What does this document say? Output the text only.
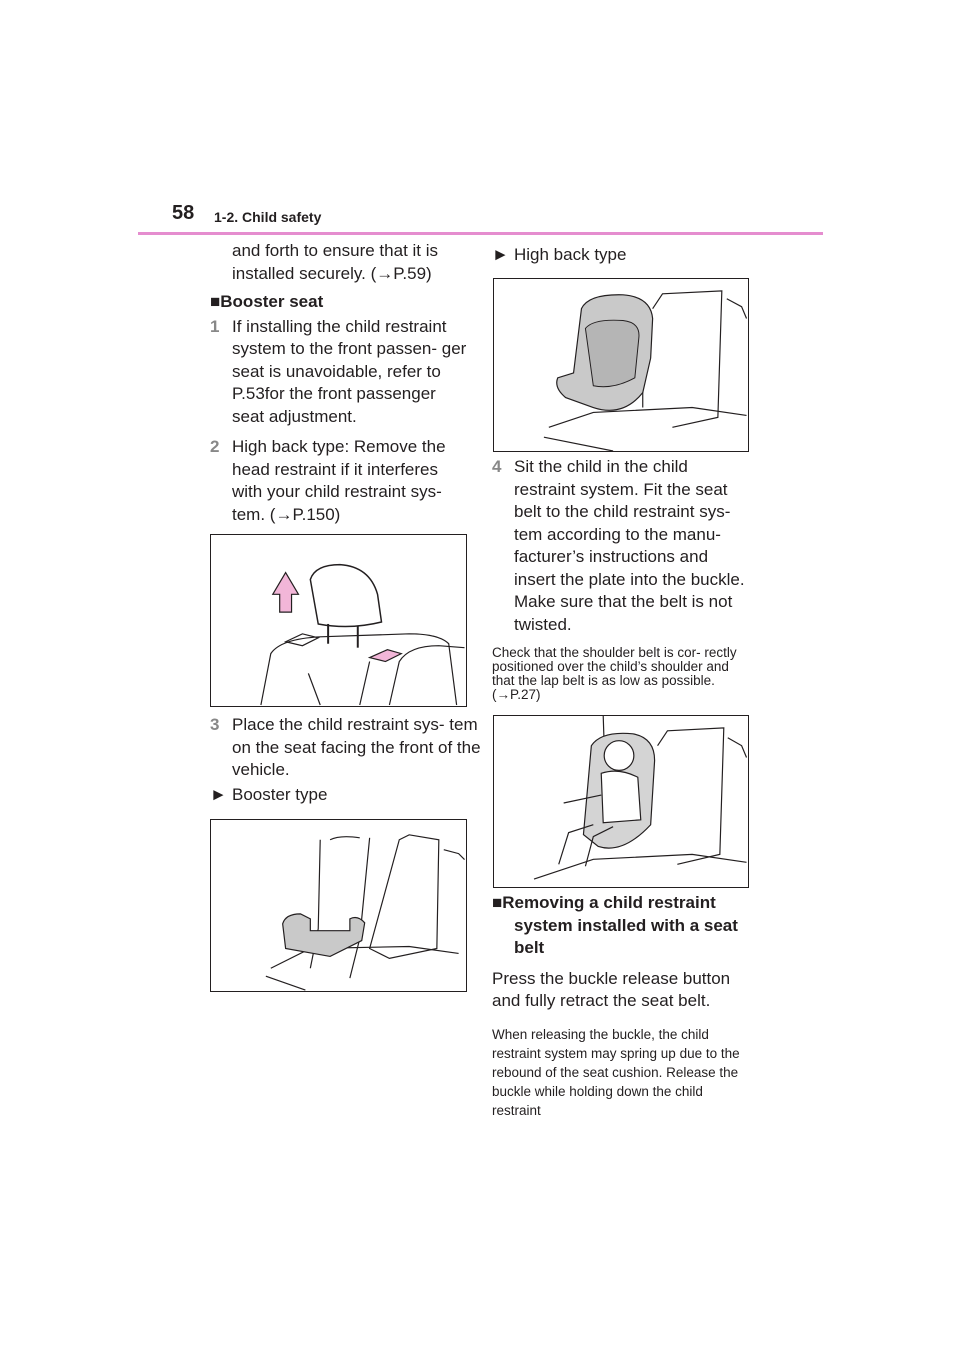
58 1-2. Child safety

and forth to ensure that it is installed securely. (→P.59)

■Booster seat

1 If installing the child restraint system to the front passen- ger seat is unavoidable, refer to P.53for the front passenger seat adjustment.

2 High back type: Remove the head restraint if it interferes with your child restraint sys- tem. (→P.150)

3 Place the child restraint sys- tem on the seat facing the front of the vehicle.

► Booster type

► High back type

4 Sit the child in the child restraint system. Fit the seat belt to the child restraint sys- tem according to the manu- facturer’s instructions and insert the plate into the buckle. Make sure that the belt is not twisted.

Check that the shoulder belt is cor- rectly positioned over the child’s shoulder and that the lap belt is as low as possible. (→P.27)

■Removing a child restraint system installed with a seat belt

Press the buckle release button and fully retract the seat belt.

When releasing the buckle, the child restraint system may spring up due to the rebound of the seat cushion. Release the buckle while holding down the child restraint
